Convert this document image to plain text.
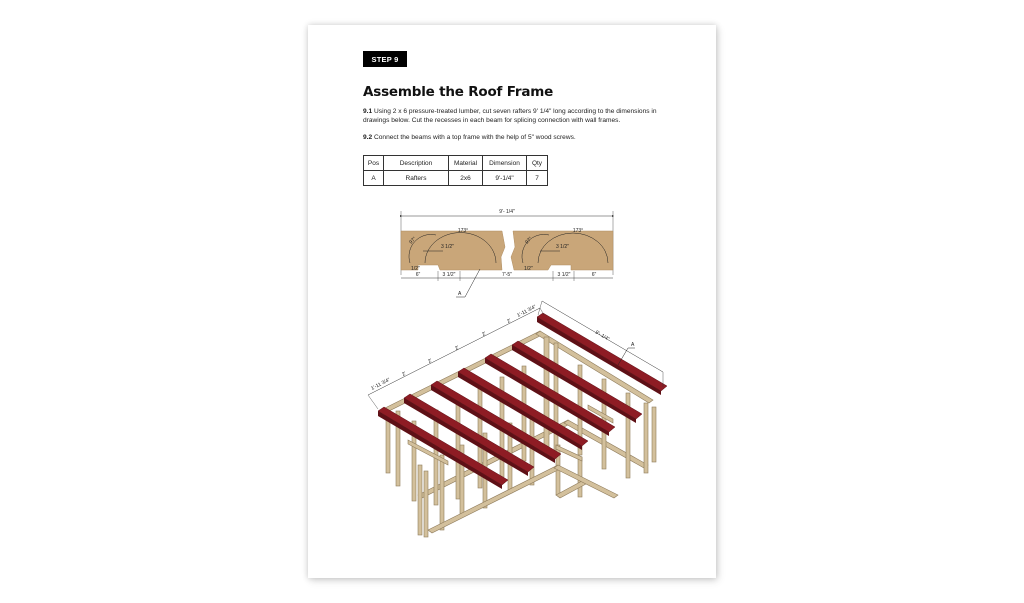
STEP 9
Assemble the Roof Frame
9.1 Using 2 x 6 pressure-treated lumber, cut seven rafters 9' 1/4" long according to the dimensions in drawings below. Cut the recesses in each beam for splicing connection with wall frames.
9.2 Connect the beams with a top frame with the help of 5" wood screws.
Pos	Description	Material	Dimension	Qty
A	Rafters	2x6	9'-1/4"	7
9'- 1/4"
173°
97°
3 1/2"
1/2"
173°
97°
3 1/2"
1/2"
6"	3 1/2"	7'-5"	3 1/2"	6"
A
1'-11 3/4"
2'
2'
2'
2'
2'
1'-11 3/4"
9'- 1/4"
A
